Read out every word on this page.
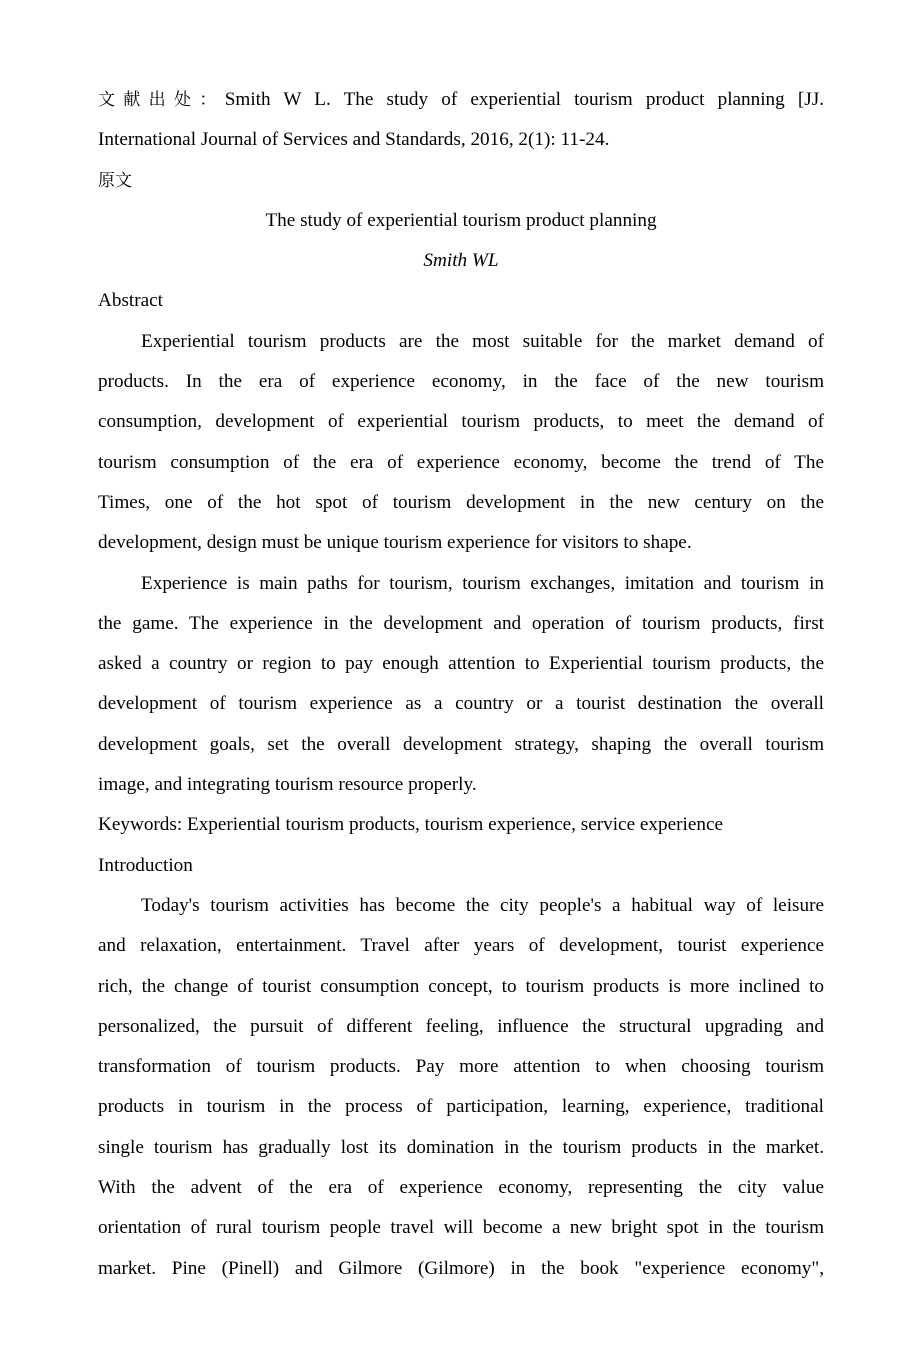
文献出处：Smith W L. The study of experiential tourism product planning [JJ.
International Journal of Services and Standards, 2016, 2(1): 11-24.
原文
The study of experiential tourism product planning
Smith WL
Abstract
Experiential tourism products are the most suitable for the market demand of
products. In the era of experience economy, in the face of the new tourism
consumption, development of experiential tourism products, to meet the demand of
tourism consumption of the era of experience economy, become the trend of The
Times, one of the hot spot of tourism development in the new century on the
development, design must be unique tourism experience for visitors to shape.
Experience is main paths for tourism, tourism exchanges, imitation and tourism in
the game. The experience in the development and operation of tourism products, first
asked a country or region to pay enough attention to Experiential tourism products, the
development of tourism experience as a country or a tourist destination the overall
development goals, set the overall development strategy, shaping the overall tourism
image, and integrating tourism resource properly.
Keywords: Experiential tourism products, tourism experience, service experience
Introduction
Today's tourism activities has become the city people's a habitual way of leisure
and relaxation, entertainment. Travel after years of development, tourist experience
rich, the change of tourist consumption concept, to tourism products is more inclined to
personalized, the pursuit of different feeling, influence the structural upgrading and
transformation of tourism products. Pay more attention to when choosing tourism
products in tourism in the process of participation, learning, experience, traditional
single tourism has gradually lost its domination in the tourism products in the market.
With the advent of the era of experience economy, representing the city value
orientation of rural tourism people travel will become a new bright spot in the tourism
market. Pine (Pinell) and Gilmore (Gilmore) in the book "experience economy",
